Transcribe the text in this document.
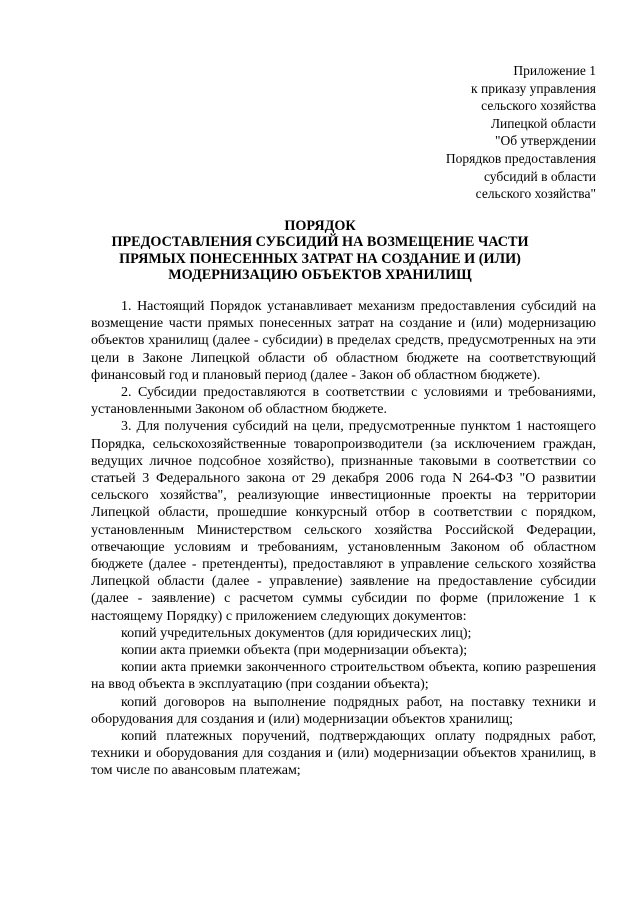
Приложение 1
к приказу управления
сельского хозяйства
Липецкой области
"Об утверждении
Порядков предоставления
субсидий в области
сельского хозяйства"
ПОРЯДОК
ПРЕДОСТАВЛЕНИЯ СУБСИДИЙ НА ВОЗМЕЩЕНИЕ ЧАСТИ
ПРЯМЫХ ПОНЕСЕННЫХ ЗАТРАТ НА СОЗДАНИЕ И (ИЛИ)
МОДЕРНИЗАЦИЮ ОБЪЕКТОВ ХРАНИЛИЩ

1. Настоящий Порядок устанавливает механизм предоставления субсидий на возмещение части прямых понесенных затрат на создание и (или) модернизацию объектов хранилищ (далее - субсидии) в пределах средств, предусмотренных на эти цели в Законе Липецкой области об областном бюджете на соответствующий финансовый год и плановый период (далее - Закон об областном бюджете).

2. Субсидии предоставляются в соответствии с условиями и требованиями, установленными Законом об областном бюджете.

3. Для получения субсидий на цели, предусмотренные пунктом 1 настоящего Порядка, сельскохозяйственные товаропроизводители (за исключением граждан, ведущих личное подсобное хозяйство), признанные таковыми в соответствии со статьей 3 Федерального закона от 29 декабря 2006 года N 264-ФЗ "О развитии сельского хозяйства", реализующие инвестиционные проекты на территории Липецкой области, прошедшие конкурсный отбор в соответствии с порядком, установленным Министерством сельского хозяйства Российской Федерации, отвечающие условиям и требованиям, установленным Законом об областном бюджете (далее - претенденты), предоставляют в управление сельского хозяйства Липецкой области (далее - управление) заявление на предоставление субсидии (далее - заявление) с расчетом суммы субсидии по форме (приложение 1 к настоящему Порядку) с приложением следующих документов:

копий учредительных документов (для юридических лиц);

копии акта приемки объекта (при модернизации объекта);

копии акта приемки законченного строительством объекта, копию разрешения на ввод объекта в эксплуатацию (при создании объекта);

копий договоров на выполнение подрядных работ, на поставку техники и оборудования для создания и (или) модернизации объектов хранилищ;

копий платежных поручений, подтверждающих оплату подрядных работ, техники и оборудования для создания и (или) модернизации объектов хранилищ, в том числе по авансовым платежам;
